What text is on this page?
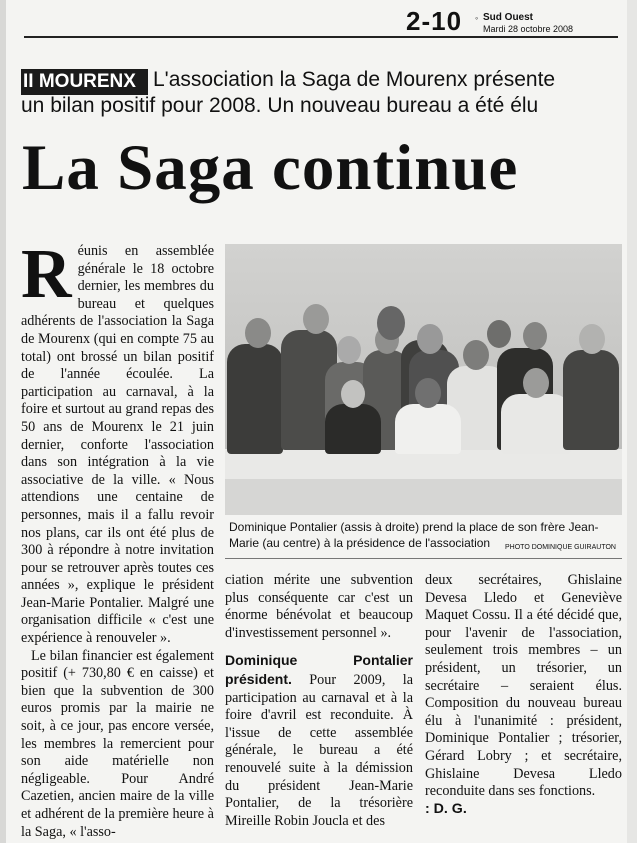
2-10 ◦ Sud Ouest
Mardi 28 octobre 2008
II MOURENX L'association la Saga de Mourenx présente
un bilan positif pour 2008. Un nouveau bureau a été élu
La Saga continue
R éunis en assemblée générale le 18 octobre dernier, les membres du bureau et quelques adhérents de l'association la Saga de Mourenx (qui en compte 75 au total) ont brossé un bilan positif de l'année écoulée. La participation au carnaval, à la foire et surtout au grand repas des 50 ans de Mourenx le 21 juin dernier, conforte l'association dans son intégration à la vie associative de la ville. « Nous attendions une centaine de personnes, mais il a fallu revoir nos plans, car ils ont été plus de 300 à répondre à notre invitation pour se retrouver après toutes ces années », explique le président Jean-Marie Pontalier. Malgré une organisation difficile « c'est une expérience à renouveler ».

Le bilan financier est également positif (+ 730,80 € en caisse) et bien que la subvention de 300 euros promis par la mairie ne soit, à ce jour, pas encore versée, les membres la remercient pour son aide matérielle non négligeable. Pour André Cazetien, ancien maire de la ville et adhérent de la première heure à la Saga, « l'asso-

Dominique Pontalier (assis à droite) prend la place de son frère Jean-Marie (au centre) à la présidence de l'association PHOTO DOMINIQUE GUIRAUTON

ciation mérite une subvention plus conséquente car c'est un énorme bénévolat et beaucoup d'investissement personnel ».

Dominique Pontalier président. Pour 2009, la participation au carnaval et à la foire d'avril est reconduite. À l'issue de cette assemblée générale, le bureau a été renouvelé suite à la démission du président Jean-Marie Pontalier, de la trésorière Mireille Robin Joucla et des

deux secrétaires, Ghislaine Devesa Lledo et Geneviève Maquet Cossu. Il a été décidé que, pour l'avenir de l'association, seulement trois membres – un président, un trésorier, un secrétaire – seraient élus. Composition du nouveau bureau élu à l'unanimité : président, Dominique Pontalier ; trésorier, Gérard Lobry ; et secrétaire, Ghislaine Devesa Lledo reconduite dans ses fonctions.

: D. G.
